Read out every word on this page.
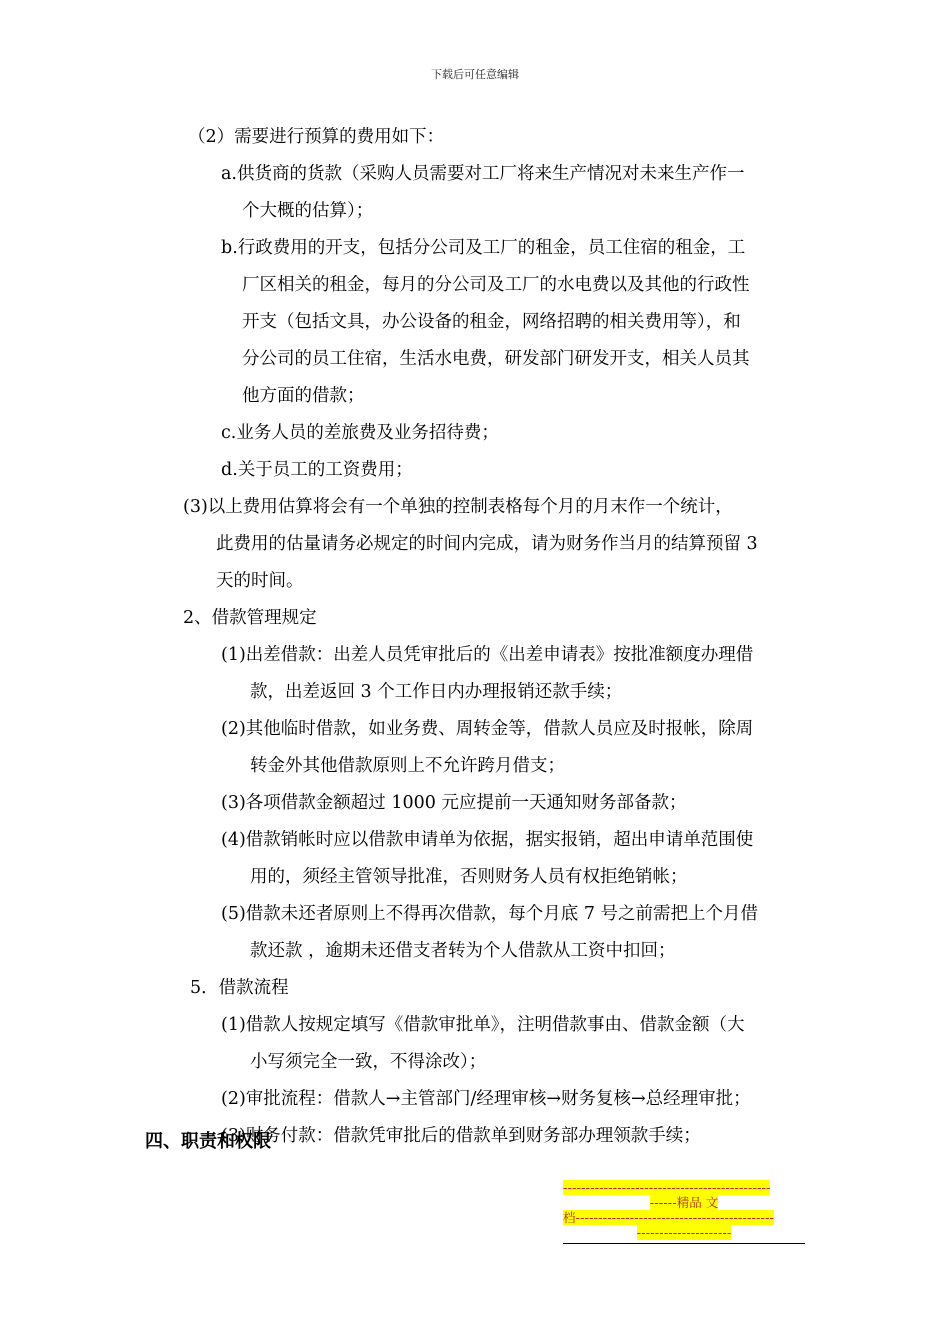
下载后可任意编辑
（2）需要进行预算的费用如下：
a.供货商的货款（采购人员需要对工厂将来生产情况对未来生产作一
个大概的估算）；
b.行政费用的开支，包括分公司及工厂的租金，员工住宿的租金，工
厂区相关的租金，每月的分公司及工厂的水电费以及其他的行政性
开支（包括文具，办公设备的租金，网络招聘的相关费用等），和
分公司的员工住宿，生活水电费，研发部门研发开支，相关人员其
他方面的借款；
c.业务人员的差旅费及业务招待费；
d.关于员工的工资费用；
(3)以上费用估算将会有一个单独的控制表格每个月的月末作一个统计，
此费用的估量请务必规定的时间内完成，请为财务作当月的结算预留 3
天的时间。
2、借款管理规定
(1)出差借款：出差人员凭审批后的《出差申请表》按批准额度办理借
款，出差返回 3 个工作日内办理报销还款手续；
(2)其他临时借款，如业务费、周转金等，借款人员应及时报帐，除周
转金外其他借款原则上不允许跨月借支；
(3)各项借款金额超过 1000 元应提前一天通知财务部备款；
(4)借款销帐时应以借款申请单为依据，据实报销，超出申请单范围使
用的，须经主管领导批准，否则财务人员有权拒绝销帐；
(5)借款未还者原则上不得再次借款，每个月底 7 号之前需把上个月借
款还款 ，逾期未还借支者转为个人借款从工资中扣回；
5．借款流程
(1)借款人按规定填写《借款审批单》，注明借款事由、借款金额（大
小写须完全一致，不得涂改）；
(2)审批流程：借款人→主管部门/经理审核→财务复核→总经理审批；
(3)财务付款：借款凭审批后的借款单到财务部办理领款手续；
四、职责和权限
----------------------------------------------
------精品 文
档--------------------------------------------
---------------------
